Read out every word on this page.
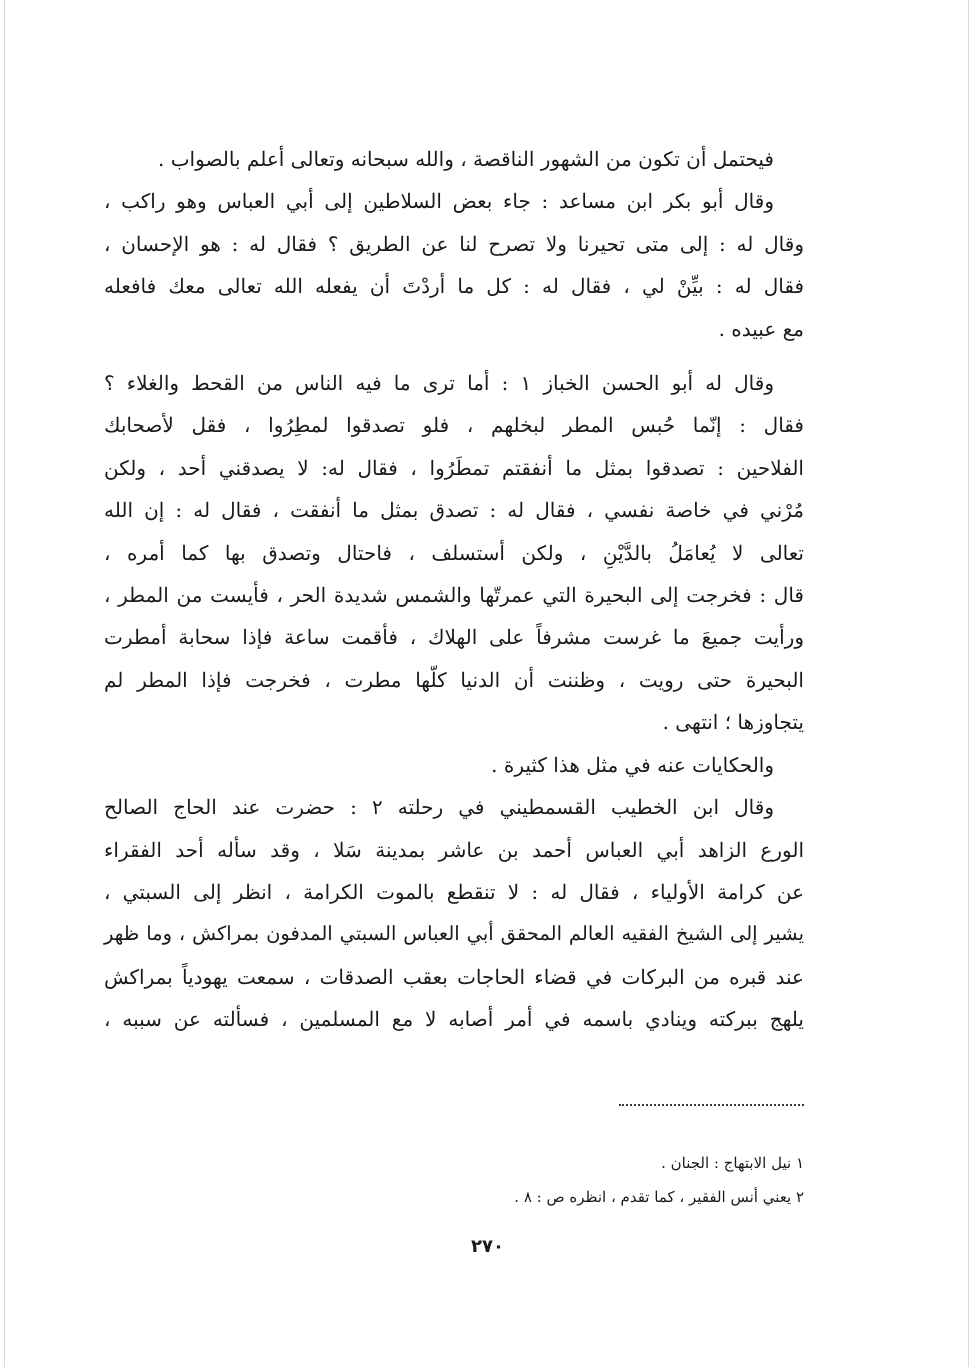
فيحتمل أن تكون من الشهور الناقصة ، والله سبحانه وتعالى أعلم بالصواب .
وقال أبو بكر ابن مساعد : جاء بعض السلاطين إلى أبي العباس وهو راكب ،
وقال له : إلى متى تحيرنا ولا تصرح لنا عن الطريق ؟ فقال له : هو الإحسان ،
فقال له : بيِّنْ لي ، فقال له : كل ما أردْتَ أن يفعله الله تعالى معك فافعله
مع عبيده .
وقال له أبو الحسن الخباز ١ : أما ترى ما فيه الناس من القحط والغلاء ؟
فقال : إنّما حُبس المطر لبخلهم ، فلو تصدقوا لمطِرُوا ، فقل لأصحابك
الفلاحين : تصدقوا بمثل ما أنفقتم تمطَرُوا ، فقال له: لا يصدقني أحد ، ولكن
مُرْني في خاصة نفسي ، فقال له : تصدق بمثل ما أنفقت ، فقال له : إن الله
تعالى لا يُعامَلُ بالدَّيْنِ ، ولكن أستسلف ، فاحتال وتصدق بها كما أمره ،
قال : فخرجت إلى البحيرة التي عمرتّها والشمس شديدة الحر ، فأيست من المطر ،
ورأيت جميعَ ما غرست مشرفاً على الهلاك ، فأقمت ساعة فإذا سحابة أمطرت
البحيرة حتى رويت ، وظننت أن الدنيا كلّها مطرت ، فخرجت فإذا المطر لم
يتجاوزها ؛ انتهى .
والحكايات عنه في مثل هذا كثيرة .
وقال ابن الخطيب القسمطيني في رحلته ٢ : حضرت عند الحاج الصالح
الورع الزاهد أبي العباس أحمد بن عاشر بمدينة سَلا ، وقد سأله أحد الفقراء
عن كرامة الأولياء ، فقال له : لا تنقطع بالموت الكرامة ، انظر إلى السبتي ،
يشير إلى الشيخ الفقيه العالم المحقق أبي العباس السبتي المدفون بمراكش ، وما ظهر
عند قبره من البركات في قضاء الحاجات بعقب الصدقات ، سمعت يهودياً بمراكش
يلهج ببركته وينادي باسمه في أمر أصابه لا مع المسلمين ، فسألته عن سببه ،
١ نيل الابتهاج : الجنان .
٢ يعني أنس الفقير ، كما تقدم ، انظره ص : ٨ .
٢٧٠
